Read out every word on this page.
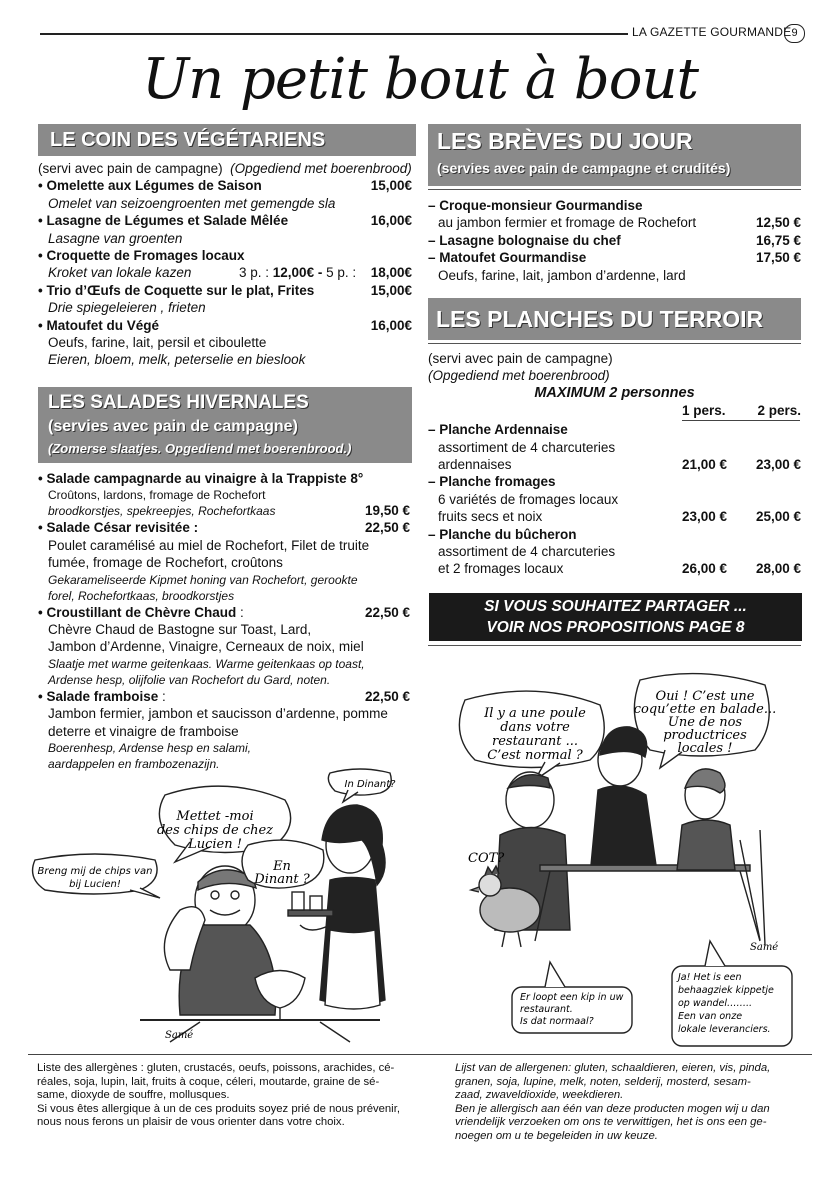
LA GAZETTE GOURMANDE 9
Un petit bout à bout
LE COIN DES VÉGÉTARIENS
(servi avec pain de campagne) (Opgediend met boerenbrood)
• Omelette aux Légumes de Saison	15,00€
Omelet van seizoengroenten met gemengde sla
• Lasagne de Légumes et Salade Mêlée	16,00€
Lasagne van groenten
• Croquette de Fromages locaux
Kroket van lokale kazen	3 p. : 12,00€ - 5 p. : 18,00€
• Trio d’Œufs de Coquette sur le plat, Frites	15,00€
Drie spiegeleieren , frieten
• Matoufet du Végé	16,00€
Oeufs, farine, lait, persil et ciboulette
Eieren, bloem, melk, peterselie en bieslook
LES SALADES HIVERNALES
(servies avec pain de campagne)
(Zomerse slaatjes. Opgediend met boerenbrood.)
• Salade campagnarde au vinaigre à la Trappiste 8°
Croûtons, lardons, fromage de Rochefort
broodkorstjes, spekreepjes, Rochefortkaas	19,50 €
• Salade César revisitée :	22,50 €
Poulet caramélisé au miel de Rochefort, Filet de truite
fumée, fromage de Rochefort, croûtons
Gekarameliseerde Kipmet honing van Rochefort, gerookte
forel, Rochefortkaas, broodkorstjes
• Croustillant de Chèvre Chaud :	22,50 €
Chèvre Chaud de Bastogne sur Toast, Lard,
Jambon d’Ardenne, Vinaigre, Cerneaux de noix, miel
Slaatje met warme geitenkaas. Warme geitenkaas op toast,
Ardense hesp, olijfolie van Rochefort du Gard, noten.
• Salade framboise :	22,50 €
Jambon fermier, jambon et saucisson d’ardenne, pomme
deterre et vinaigre de framboise
Boerenhesp, Ardense hesp en salami,
aardappelen en frambozenazijn.
LES BRÈVES DU JOUR
(servies avec pain de campagne et crudités)
– Croque-monsieur Gourmandise
au jambon fermier et fromage de Rochefort	12,50 €
– Lasagne bolognaise du chef	16,75 €
– Matoufet Gourmandise	17,50 €
Oeufs, farine, lait, jambon d’ardenne, lard
LES PLANCHES DU TERROIR
(servi avec pain de campagne)
(Opgediend met boerenbrood)
MAXIMUM 2 personnes
1 pers. 2 pers.
– Planche Ardennaise
assortiment de 4 charcuteries
ardennaises	21,00 € 23,00 €
– Planche fromages
6 variétés de fromages locaux
fruits secs et noix	23,00 € 25,00 €
– Planche du bûcheron
assortiment de 4 charcuteries
et 2 fromages locaux	26,00 € 28,00 €
SI VOUS SOUHAITEZ PARTAGER ...
VOIR NOS PROPOSITIONS PAGE 8
Mettet -moi
des chips de chez
Lucien !
En
Dinant ?
In Dinant?
Breng mij de chips van
bij Lucien!
Samé
Il y a une poule
dans votre
restaurant ...
C’est normal ?
Oui ! C’est une
coqu’ette en balade...
Une de nos
productrices
locales !
COT?
Er loopt een kip in uw
restaurant.
Is dat normaal?
Ja! Het is een
behaagziek kippetje
op wandel……..
Een van onze
lokale leveranciers.
Samé
Liste des allergènes : gluten, crustacés, oeufs, poissons, arachides, cé-
réales, soja, lupin, lait, fruits à coque, céleri, moutarde, graine de sé-
same, dioxyde de souffre, mollusques.
Si vous êtes allergique à un de ces produits soyez prié de nous prévenir,
nous nous ferons un plaisir de vous orienter dans votre choix.
Lijst van de allergenen: gluten, schaaldieren, eieren, vis, pinda,
granen, soja, lupine, melk, noten, selderij, mosterd, sesam-
zaad, zwaveldioxide, weekdieren.
Ben je allergisch aan één van deze producten mogen wij u dan
vriendelijk verzoeken om ons te verwittigen, het is ons een ge-
noegen om u te begeleiden in uw keuze.
